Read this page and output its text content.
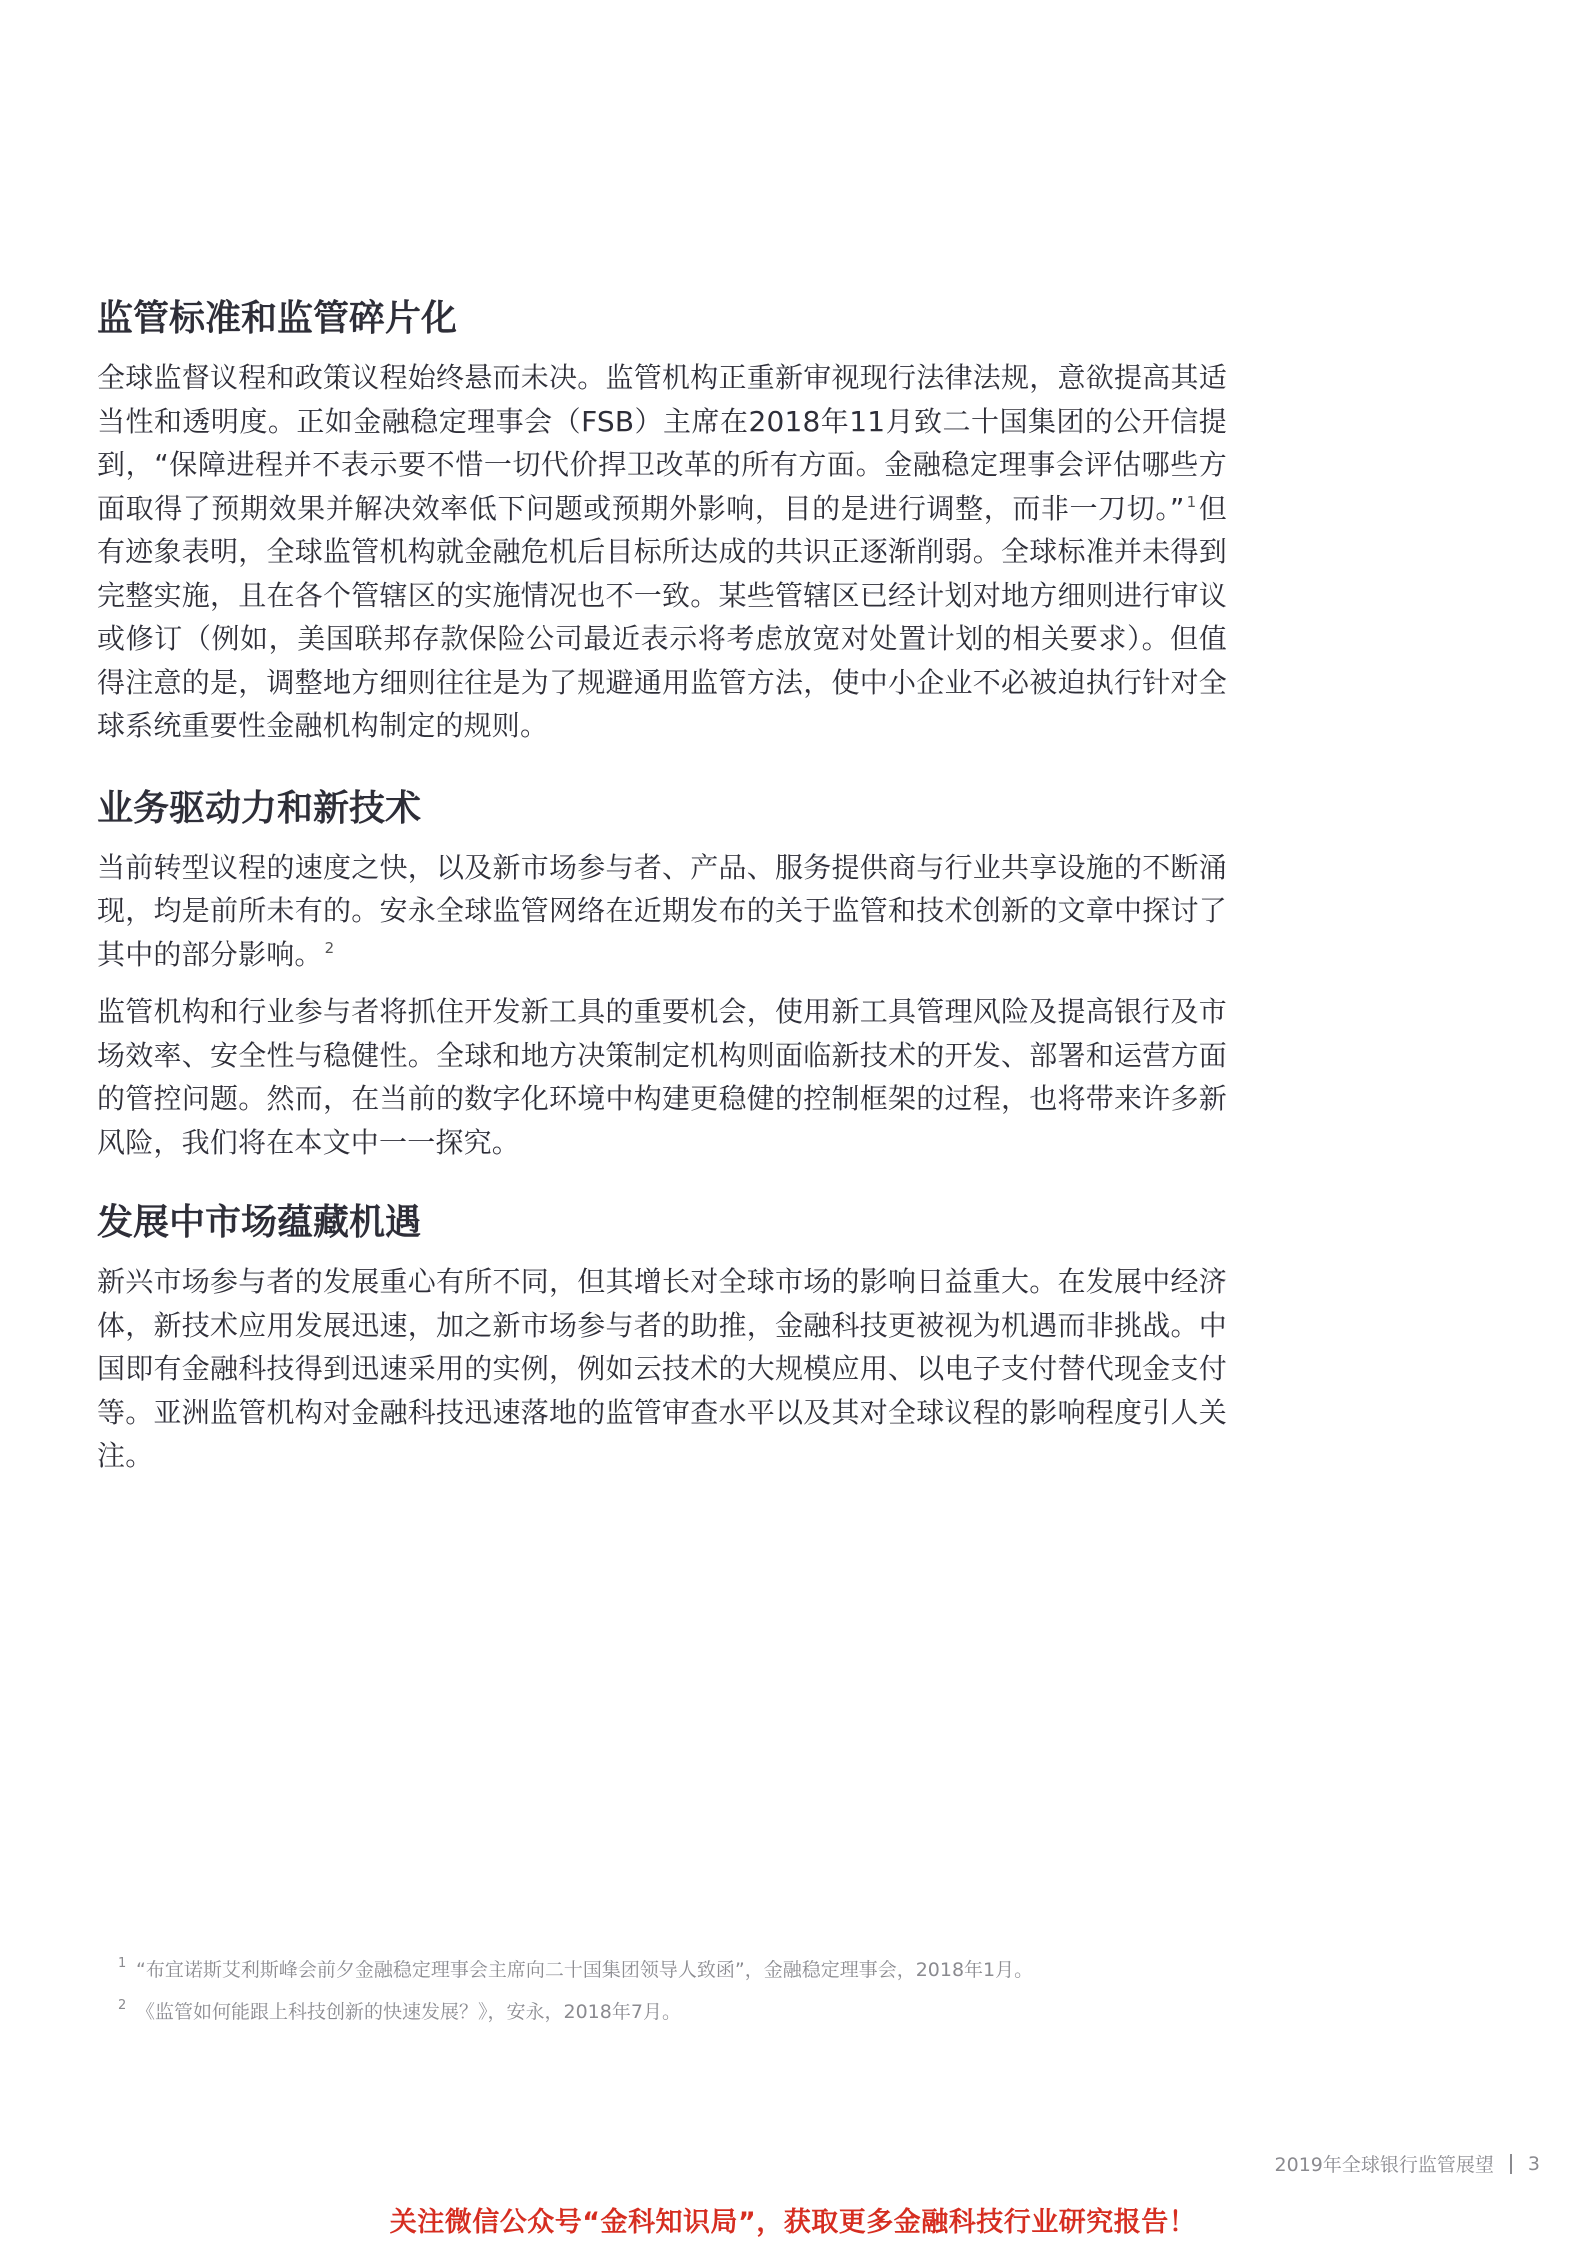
监管标准和监管碎片化

全球监督议程和政策议程始终悬而未决。监管机构正重新审视现行法律法规，意欲提高其适当性和透明度。正如金融稳定理事会（FSB）主席在2018年11月致二十国集团的公开信提到，“保障进程并不表示要不惜一切代价捍卫改革的所有方面。金融稳定理事会评估哪些方面取得了预期效果并解决效率低下问题或预期外影响，目的是进行调整，而非一刀切。” $^1$但有迹象表明，全球监管机构就金融危机后目标所达成的共识正逐渐削弱。全球标准并未得到完整实施，且在各个管辖区的实施情况也不一致。某些管辖区已经计划对地方细则进行审议或修订（例如，美国联邦存款保险公司最近表示将考虑放宽对处置计划的相关要求）。但值得注意的是，调整地方细则往往是为了规避通用监管方法，使中小企业不必被迫执行针对全球系统重要性金融机构制定的规则。

业务驱动力和新技术

当前转型议程的速度之快，以及新市场参与者、产品、服务提供商与行业共享设施的不断涌现，均是前所未有的。安永全球监管网络在近期发布的关于监管和技术创新的文章中探讨了其中的部分影响。 $^2$

监管机构和行业参与者将抓住开发新工具的重要机会，使用新工具管理风险及提高银行及市场效率、安全性与稳健性。全球和地方决策制定机构则面临新技术的开发、部署和运营方面的管控问题。然而，在当前的数字化环境中构建更稳健的控制框架的过程，也将带来许多新风险，我们将在本文中一一探究。

发展中市场蕴藏机遇

新兴市场参与者的发展重心有所不同，但其增长对全球市场的影响日益重大。在发展中经济体，新技术应用发展迅速，加之新市场参与者的助推，金融科技更被视为机遇而非挑战。中国即有金融科技得到迅速采用的实例，例如云技术的大规模应用、以电子支付替代现金支付等。亚洲监管机构对金融科技迅速落地的监管审查水平以及其对全球议程的影响程度引人关注。

1 “布宜诺斯艾利斯峰会前夕金融稳定理事会主席向二十国集团领导人致函”，金融稳定理事会，2018年1月。
2 《监管如何能跟上科技创新的快速发展？》，安永，2018年7月。
2019年全球银行监管展望 3
关注微信公众号“金科知识局”，获取更多金融科技行业研究报告！
